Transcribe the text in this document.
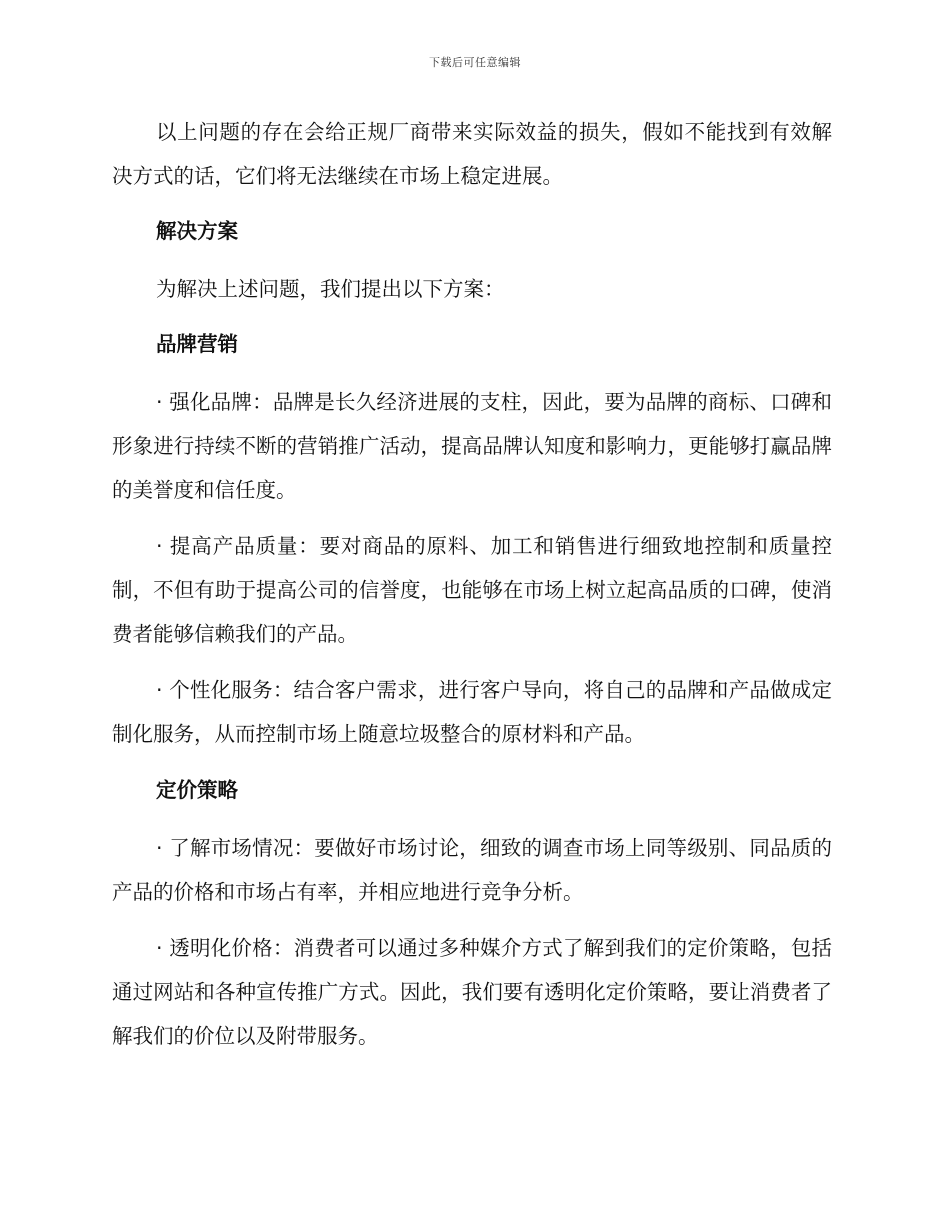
下载后可任意编辑

以上问题的存在会给正规厂商带来实际效益的损失，假如不能找到有效解决方式的话，它们将无法继续在市场上稳定进展。

解决方案

为解决上述问题，我们提出以下方案：

品牌营销

· 强化品牌：品牌是长久经济进展的支柱，因此，要为品牌的商标、口碑和形象进行持续不断的营销推广活动，提高品牌认知度和影响力，更能够打赢品牌的美誉度和信任度。

· 提高产品质量：要对商品的原料、加工和销售进行细致地控制和质量控制，不但有助于提高公司的信誉度，也能够在市场上树立起高品质的口碑，使消费者能够信赖我们的产品。

· 个性化服务：结合客户需求，进行客户导向，将自己的品牌和产品做成定制化服务，从而控制市场上随意垃圾整合的原材料和产品。

定价策略

· 了解市场情况：要做好市场讨论，细致的调查市场上同等级别、同品质的产品的价格和市场占有率，并相应地进行竞争分析。

· 透明化价格：消费者可以通过多种媒介方式了解到我们的定价策略，包括通过网站和各种宣传推广方式。因此，我们要有透明化定价策略，要让消费者了解我们的价位以及附带服务。
